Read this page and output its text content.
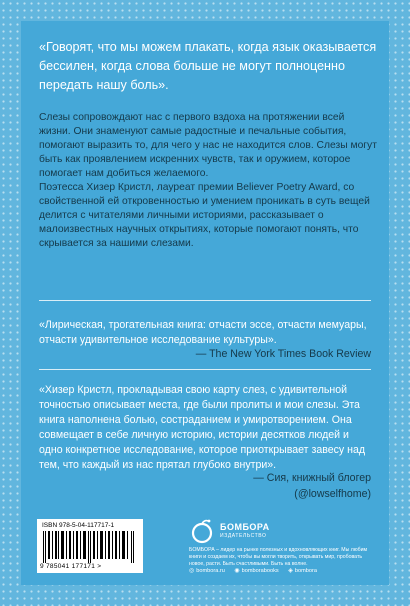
«Говорят, что мы можем плакать, когда язык оказывается бессилен, когда слова больше не могут полноценно передать нашу боль».
Слезы сопровождают нас с первого вздоха на протяжении всей жизни. Они знаменуют самые радостные и печальные события, помогают выразить то, для чего у нас не находится слов. Слезы могут быть как проявлением искренних чувств, так и оружием, которое помогает нам добиться желаемого.
Поэтесса Хизер Кристл, лауреат премии Believer Poetry Award, со свойственной ей откровенностью и умением проникать в суть вещей делится с читателями личными историями, рассказывает о малоизвестных научных открытиях, которые помогают понять, что скрывается за нашими слезами.
«Лирическая, трогательная книга: отчасти эссе, отчасти мемуары, отчасти удивительное исследование культуры».
— The New York Times Book Review
«Хизер Кристл, прокладывая свою карту слез, с удивительной точностью описывает места, где были пролиты и мои слезы. Эта книга наполнена болью, состраданием и умиротворением. Она совмещает в себе личную историю, истории десятков людей и одно конкретное исследование, которое приоткрывает завесу над тем, что каждый из нас прятал глубоко внутри».
— Сия, книжный блогер
(@lowselfhome)
ISBN 978-5-04-117717-1
9 785041 177171 >
БОМБОРА
ИЗДАТЕЛЬСТВО
БОМБОРА – лидер на рынке полезных и вдохновляющих книг. Мы любим книги и создаем их, чтобы вы могли творить, открывать мир, пробовать новое, расти. Быть счастливыми. Быть на волне.
◎ bombora.ru ◉ bomborabooks ◈ bombora
